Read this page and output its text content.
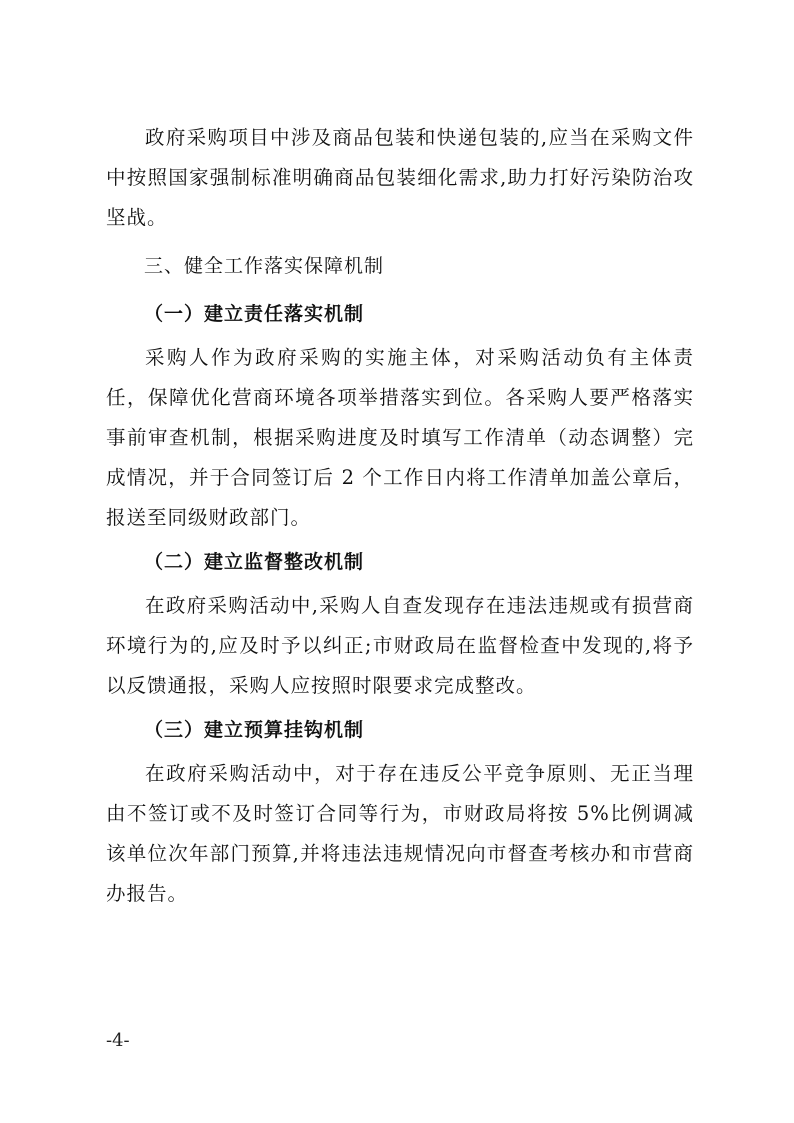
政府采购项目中涉及商品包装和快递包装的,应当在采购文件中按照国家强制标准明确商品包装细化需求,助力打好污染防治攻坚战。

三、健全工作落实保障机制
（一）建立责任落实机制

采购人作为政府采购的实施主体，对采购活动负有主体责任，保障优化营商环境各项举措落实到位。各采购人要严格落实事前审查机制，根据采购进度及时填写工作清单（动态调整）完成情况，并于合同签订后 2 个工作日内将工作清单加盖公章后，报送至同级财政部门。

（二）建立监督整改机制

在政府采购活动中,采购人自查发现存在违法违规或有损营商环境行为的,应及时予以纠正;市财政局在监督检查中发现的,将予以反馈通报，采购人应按照时限要求完成整改。

（三）建立预算挂钩机制

在政府采购活动中，对于存在违反公平竞争原则、无正当理由不签订或不及时签订合同等行为，市财政局将按 5%比例调减该单位次年部门预算,并将违法违规情况向市督查考核办和市营商办报告。

-4-
